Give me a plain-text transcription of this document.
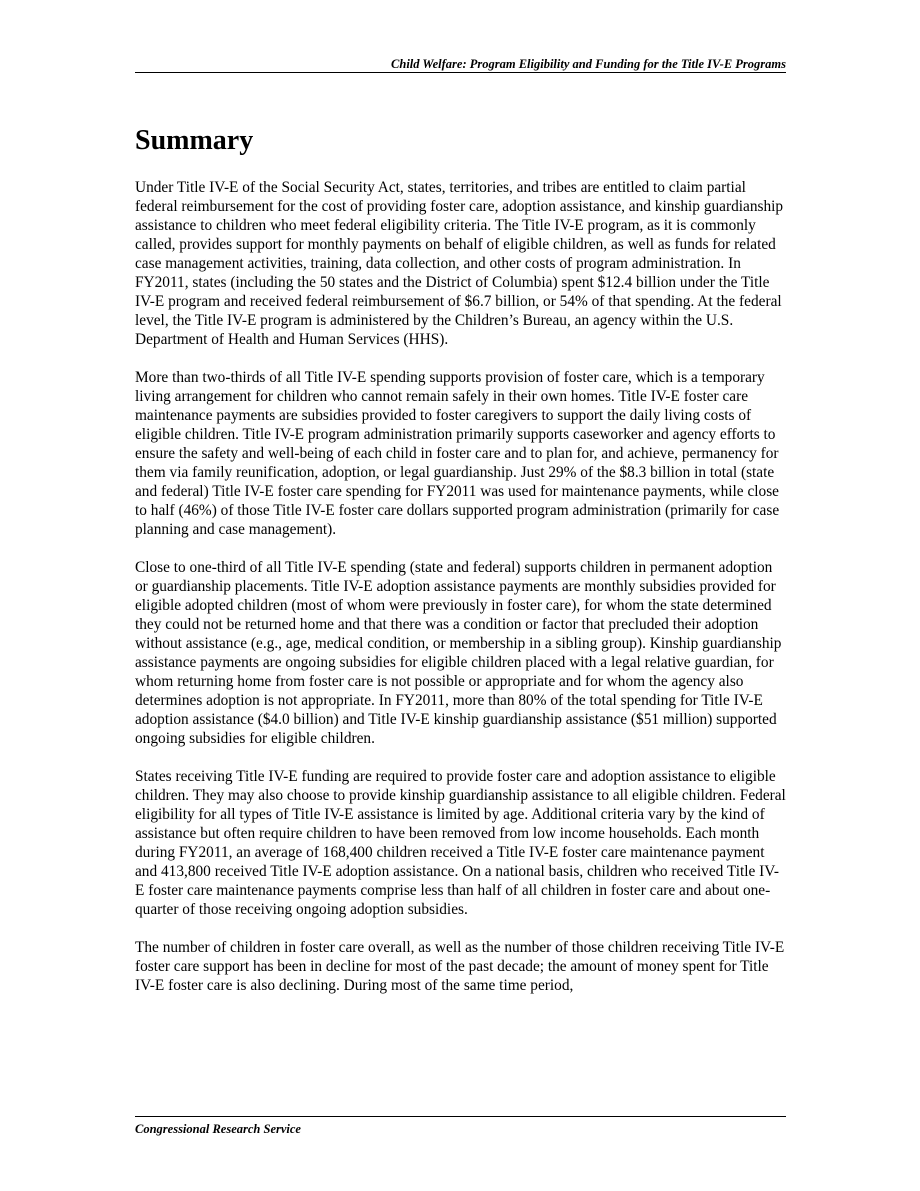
Child Welfare: Program Eligibility and Funding for the Title IV-E Programs
Summary

Under Title IV-E of the Social Security Act, states, territories, and tribes are entitled to claim partial federal reimbursement for the cost of providing foster care, adoption assistance, and kinship guardianship assistance to children who meet federal eligibility criteria. The Title IV-E program, as it is commonly called, provides support for monthly payments on behalf of eligible children, as well as funds for related case management activities, training, data collection, and other costs of program administration. In FY2011, states (including the 50 states and the District of Columbia) spent $12.4 billion under the Title IV-E program and received federal reimbursement of $6.7 billion, or 54% of that spending. At the federal level, the Title IV-E program is administered by the Children’s Bureau, an agency within the U.S. Department of Health and Human Services (HHS).

More than two-thirds of all Title IV-E spending supports provision of foster care, which is a temporary living arrangement for children who cannot remain safely in their own homes. Title IV-E foster care maintenance payments are subsidies provided to foster caregivers to support the daily living costs of eligible children. Title IV-E program administration primarily supports caseworker and agency efforts to ensure the safety and well-being of each child in foster care and to plan for, and achieve, permanency for them via family reunification, adoption, or legal guardianship. Just 29% of the $8.3 billion in total (state and federal) Title IV-E foster care spending for FY2011 was used for maintenance payments, while close to half (46%) of those Title IV-E foster care dollars supported program administration (primarily for case planning and case management).

Close to one-third of all Title IV-E spending (state and federal) supports children in permanent adoption or guardianship placements. Title IV-E adoption assistance payments are monthly subsidies provided for eligible adopted children (most of whom were previously in foster care), for whom the state determined they could not be returned home and that there was a condition or factor that precluded their adoption without assistance (e.g., age, medical condition, or membership in a sibling group). Kinship guardianship assistance payments are ongoing subsidies for eligible children placed with a legal relative guardian, for whom returning home from foster care is not possible or appropriate and for whom the agency also determines adoption is not appropriate. In FY2011, more than 80% of the total spending for Title IV-E adoption assistance ($4.0 billion) and Title IV-E kinship guardianship assistance ($51 million) supported ongoing subsidies for eligible children.

States receiving Title IV-E funding are required to provide foster care and adoption assistance to eligible children. They may also choose to provide kinship guardianship assistance to all eligible children. Federal eligibility for all types of Title IV-E assistance is limited by age. Additional criteria vary by the kind of assistance but often require children to have been removed from low income households. Each month during FY2011, an average of 168,400 children received a Title IV-E foster care maintenance payment and 413,800 received Title IV-E adoption assistance. On a national basis, children who received Title IV-E foster care maintenance payments comprise less than half of all children in foster care and about one-quarter of those receiving ongoing adoption subsidies.

The number of children in foster care overall, as well as the number of those children receiving Title IV-E foster care support has been in decline for most of the past decade; the amount of money spent for Title IV-E foster care is also declining. During most of the same time period,

Congressional Research Service
